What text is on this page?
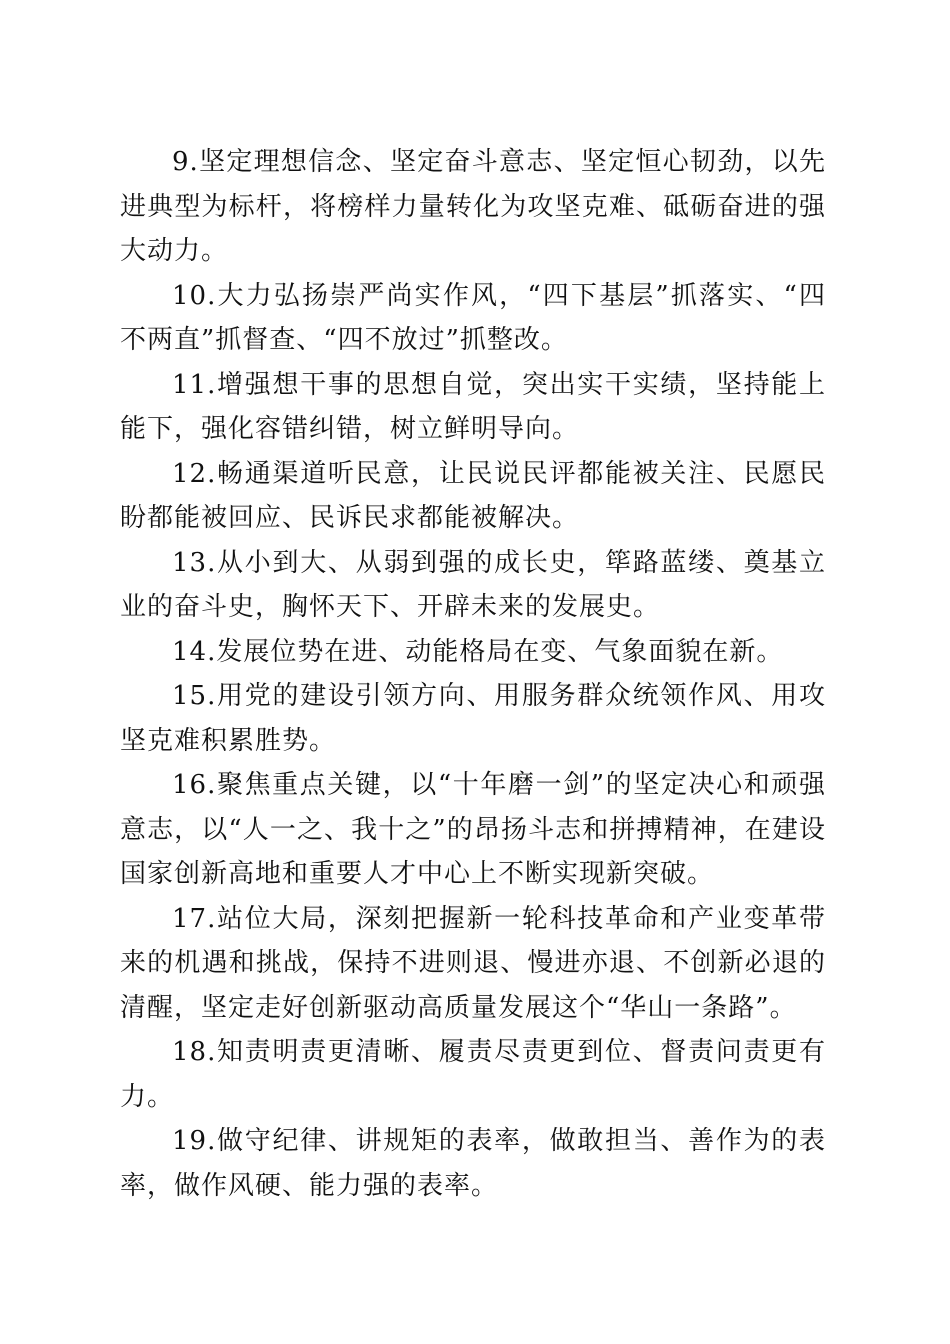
9.坚定理想信念、坚定奋斗意志、坚定恒心韧劲，以先进典型为标杆，将榜样力量转化为攻坚克难、砥砺奋进的强大动力。

10.大力弘扬崇严尚实作风，“四下基层”抓落实、“四不两直”抓督查、“四不放过”抓整改。

11.增强想干事的思想自觉，突出实干实绩，坚持能上能下，强化容错纠错，树立鲜明导向。

12.畅通渠道听民意，让民说民评都能被关注、民愿民盼都能被回应、民诉民求都能被解决。

13.从小到大、从弱到强的成长史，筚路蓝缕、奠基立业的奋斗史，胸怀天下、开辟未来的发展史。

14.发展位势在进、动能格局在变、气象面貌在新。

15.用党的建设引领方向、用服务群众统领作风、用攻坚克难积累胜势。

16.聚焦重点关键，以“十年磨一剑”的坚定决心和顽强意志，以“人一之、我十之”的昂扬斗志和拼搏精神，在建设国家创新高地和重要人才中心上不断实现新突破。

17.站位大局，深刻把握新一轮科技革命和产业变革带来的机遇和挑战，保持不进则退、慢进亦退、不创新必退的清醒，坚定走好创新驱动高质量发展这个“华山一条路”。

18.知责明责更清晰、履责尽责更到位、督责问责更有力。

19.做守纪律、讲规矩的表率，做敢担当、善作为的表率，做作风硬、能力强的表率。
